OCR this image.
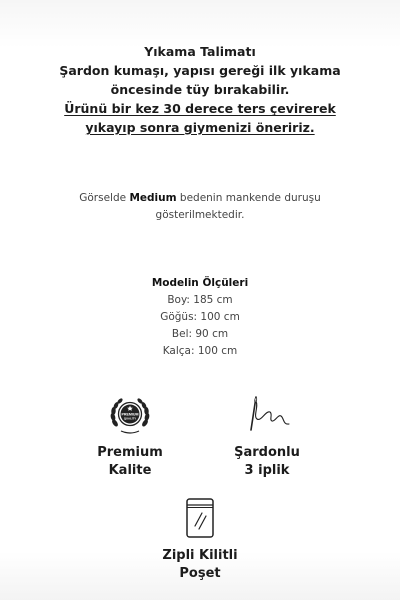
Yıkama Talimatı
Şardon kumaşı, yapısı gereği ilk yıkama
öncesinde tüy bırakabilir.
Ürünü bir kez 30 derece ters çevirerek
yıkayıp sonra giymenizi öneririz.
Görselde Medium bedenin mankende duruşu
gösterilmektedir.
Modelin Ölçüleri
Boy: 185 cm
Göğüs: 100 cm
Bel: 90 cm
Kalça: 100 cm
PREMIUM
QUALITY
Premium
Kalite
Şardonlu
3 iplik
Zipli Kilitli
Poşet
